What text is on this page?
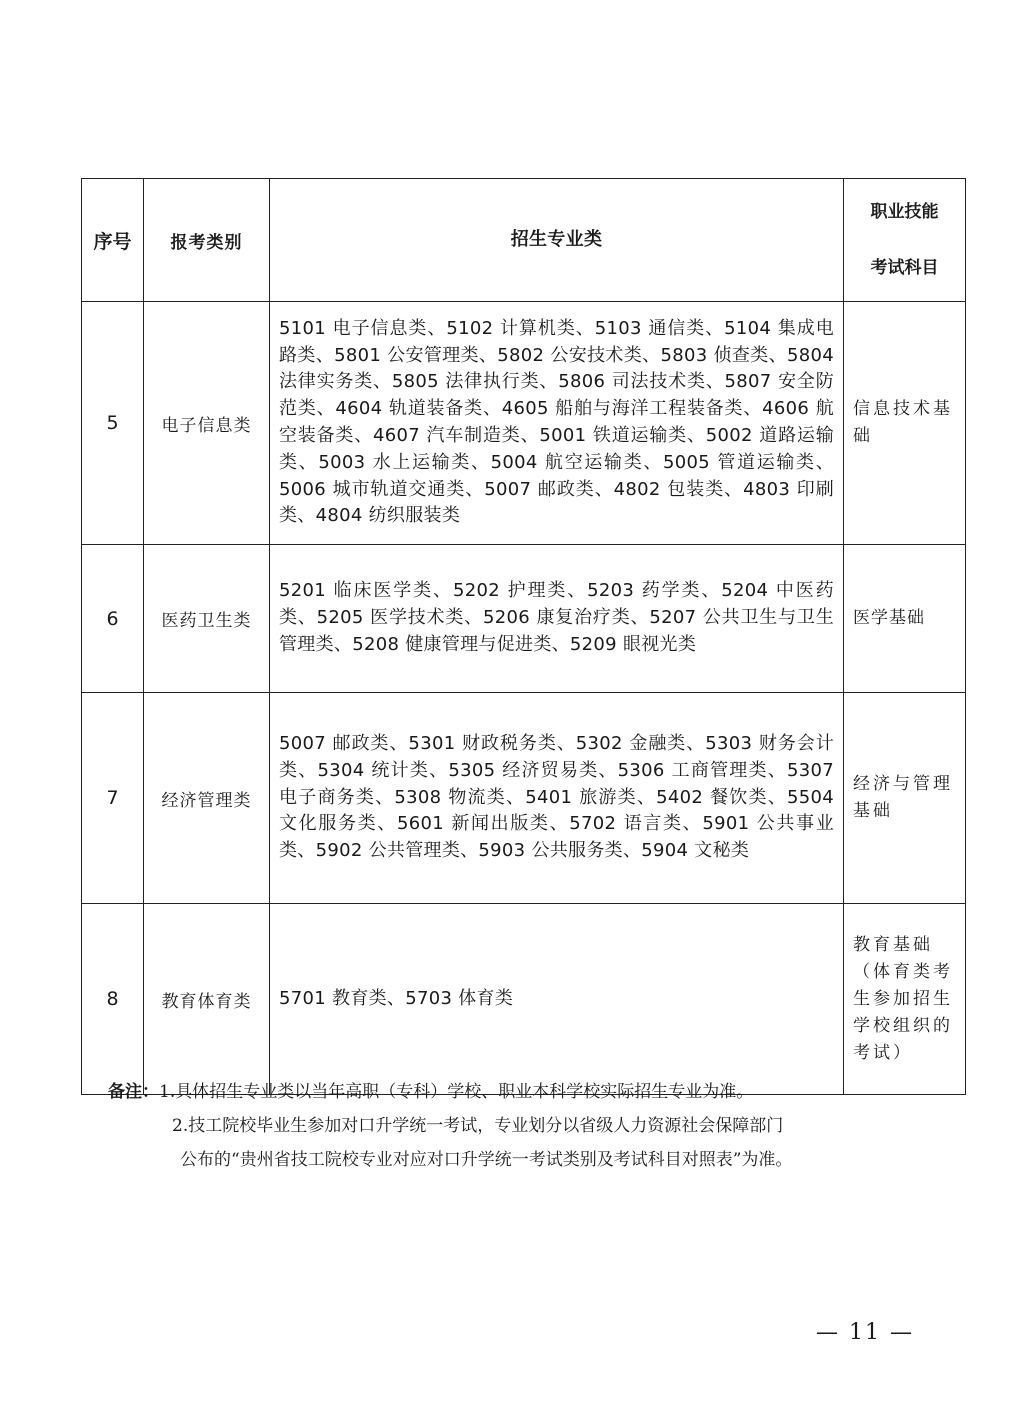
序号	报考类别	招生专业类	职业技能
考试科目

5	电子信息类	5101 电子信息类、5102 计算机类、5103 通信类、5104 集成电路类、5801 公安管理类、5802 公安技术类、5803 侦查类、5804 法律实务类、5805 法律执行类、5806 司法技术类、5807 安全防范类、4604 轨道装备类、4605 船舶与海洋工程装备类、4606 航空装备类、4607 汽车制造类、5001 铁道运输类、5002 道路运输类、5003 水上运输类、5004 航空运输类、5005 管道运输类、5006 城市轨道交通类、5007 邮政类、4802 包装类、4803 印刷类、4804 纺织服装类	信息技术基础
6	医药卫生类	5201 临床医学类、5202 护理类、5203 药学类、5204 中医药类、5205 医学技术类、5206 康复治疗类、5207 公共卫生与卫生管理类、5208 健康管理与促进类、5209 眼视光类	医学基础
7	经济管理类	5007 邮政类、5301 财政税务类、5302 金融类、5303 财务会计类、5304 统计类、5305 经济贸易类、5306 工商管理类、5307 电子商务类、5308 物流类、5401 旅游类、5402 餐饮类、5504 文化服务类、5601 新闻出版类、5702 语言类、5901 公共事业类、5902 公共管理类、5903 公共服务类、5904 文秘类	经济与管理基础
8	教育体育类	5701 教育类、5703 体育类	教育基础（体育类考生参加招生学校组织的考试）
备注：1.具体招生专业类以当年高职（专科）学校、职业本科学校实际招生专业为准。
2.技工院校毕业生参加对口升学统一考试，专业划分以省级人力资源社会保障部门
公布的“贵州省技工院校专业对应对口升学统一考试类别及考试科目对照表”为准。
— 11 —
